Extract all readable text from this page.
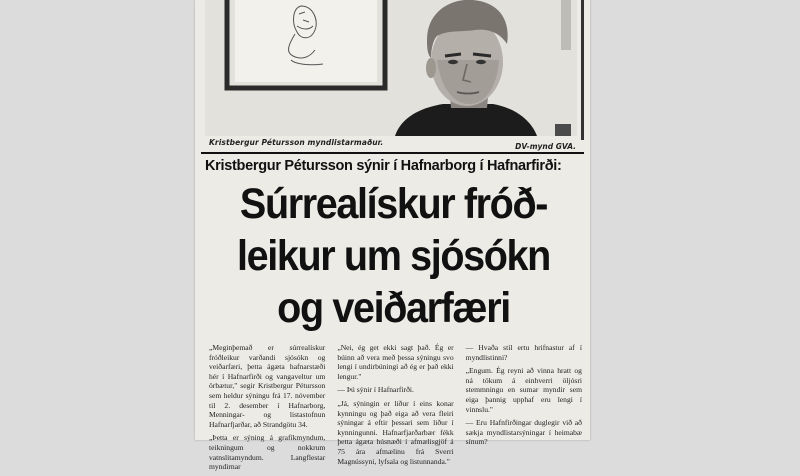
Kristbergur Pétursson myndlistarmaður.	DV-mynd GVA.
Kristbergur Pétursson sýnir í Hafnarborg í Hafnarfirði:
Súrrealískur fróð-
leikur um sjósókn
og veiðarfæri

„Meginþemað er súrrealískur fróðleikur varðandi sjósókn og veiðarfæri, þetta ágæta hafnarstæði hér í Hafnarfirði og vangaveltur um örbætur," segir Kristbergur Pétursson sem heldur sýningu frá 17. nóvember til 2. desember í Hafnarborg, Menningar- og listastofnun Hafnarfjarðar, að Strandgötu 34.

„Þetta er sýning á grafíkmyndum, teikningum og nokkrum vatnslitamyndum. Langflestar myndirnar

„Nei, ég get ekki sagt það. Ég er búinn að vera með þessa sýningu svo lengi í undirbúningi að ég er það ekki lengur."

— Þú sýnir í Hafnarfirði.

„Já, sýningin er liður í eins konar kynningu og það eiga að vera fleiri sýningar á eftir þessari sem liður í kynningunni. Hafnarfjarðarbær fékk þetta ágæta húsnæði í afmælisgjöf á 75 ára afmælinu frá Sverri Magnússyni, lyfsala og listunnanda."

— Hvaða stíl ertu hrifnastur af í myndlistinni?

„Engum. Ég reyni að vinna hratt og ná tökum á einhverri öljósri stemmningu en sumar myndir sem eiga þannig upphaf eru lengi í vinnslu."

— Eru Hafnfirðingar duglegir við að sækja myndlistarsýningar í heimabæ sínum?
